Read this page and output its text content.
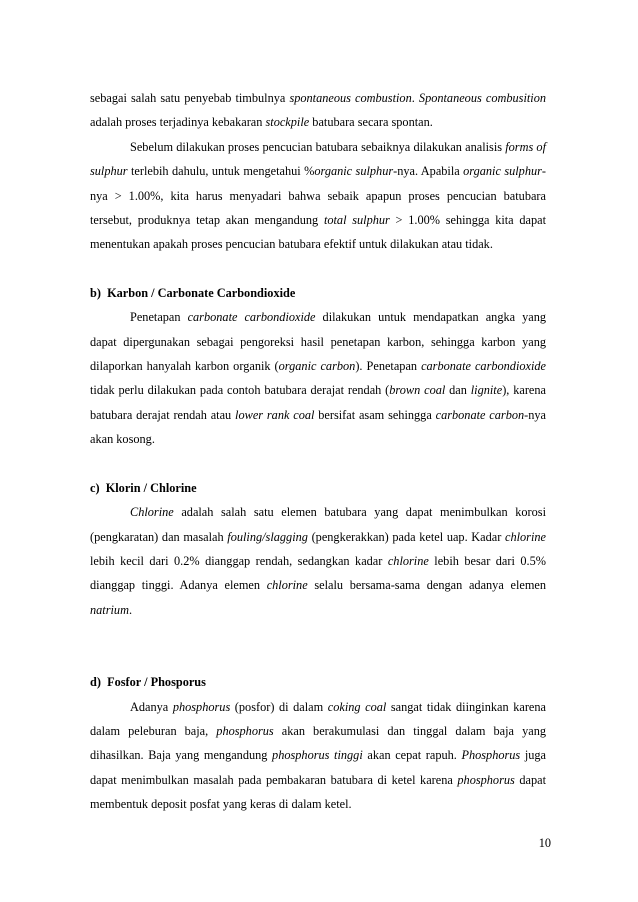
sebagai salah satu penyebab timbulnya spontaneous combustion. Spontaneous combusition adalah proses terjadinya kebakaran stockpile batubara secara spontan.

Sebelum dilakukan proses pencucian batubara sebaiknya dilakukan analisis forms of sulphur terlebih dahulu, untuk mengetahui %organic sulphur-nya. Apabila organic sulphur-nya > 1.00%, kita harus menyadari bahwa sebaik apapun proses pencucian batubara tersebut, produknya tetap akan mengandung total sulphur > 1.00% sehingga kita dapat menentukan apakah proses pencucian batubara efektif untuk dilakukan atau tidak.

b)  Karbon / Carbonate Carbondioxide

Penetapan carbonate carbondioxide dilakukan untuk mendapatkan angka yang dapat dipergunakan sebagai pengoreksi hasil penetapan karbon, sehingga karbon yang dilaporkan hanyalah karbon organik (organic carbon). Penetapan carbonate carbondioxide tidak perlu dilakukan pada contoh batubara derajat rendah (brown coal dan lignite), karena batubara derajat rendah atau lower rank coal bersifat asam sehingga carbonate carbon-nya akan kosong.

c)  Klorin / Chlorine

Chlorine adalah salah satu elemen batubara yang dapat menimbulkan korosi (pengkaratan) dan masalah fouling/slagging (pengkerakkan) pada ketel uap. Kadar chlorine lebih kecil dari 0.2% dianggap rendah, sedangkan kadar chlorine lebih besar dari 0.5% dianggap tinggi. Adanya elemen chlorine selalu bersama-sama dengan adanya elemen natrium.

d)  Fosfor / Phosporus

Adanya phosphorus (posfor) di dalam coking coal sangat tidak diinginkan karena dalam peleburan baja, phosphorus akan berakumulasi dan tinggal dalam baja yang dihasilkan. Baja yang mengandung phosphorus tinggi akan cepat rapuh. Phosphorus juga dapat menimbulkan masalah pada pembakaran batubara di ketel karena phosphorus dapat membentuk deposit posfat yang keras di dalam ketel.

10
